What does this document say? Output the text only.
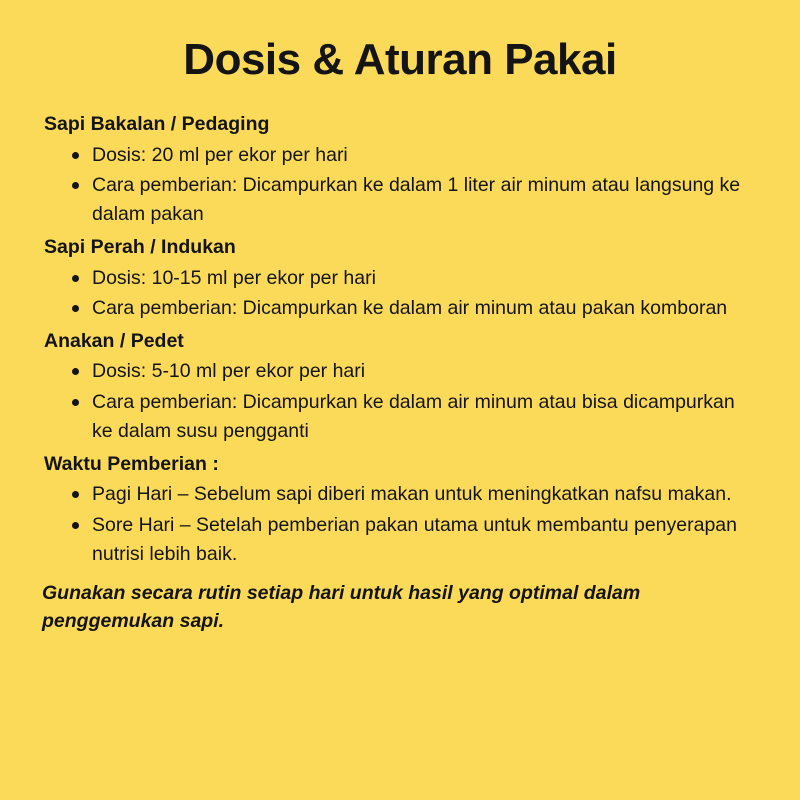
Dosis & Aturan Pakai
Sapi Bakalan / Pedaging
Dosis: 20 ml per ekor per hari
Cara pemberian: Dicampurkan ke dalam 1 liter air minum atau langsung ke dalam pakan
Sapi Perah / Indukan
Dosis: 10-15 ml per ekor per hari
Cara pemberian: Dicampurkan ke dalam air minum atau pakan komboran
Anakan / Pedet
Dosis: 5-10 ml per ekor per hari
Cara pemberian: Dicampurkan ke dalam air minum atau bisa dicampurkan ke dalam susu pengganti
Waktu Pemberian :
Pagi Hari – Sebelum sapi diberi makan untuk meningkatkan nafsu makan.
Sore Hari – Setelah pemberian pakan utama untuk membantu penyerapan nutrisi lebih baik.
Gunakan secara rutin setiap hari untuk hasil yang optimal dalam penggemukan sapi.
